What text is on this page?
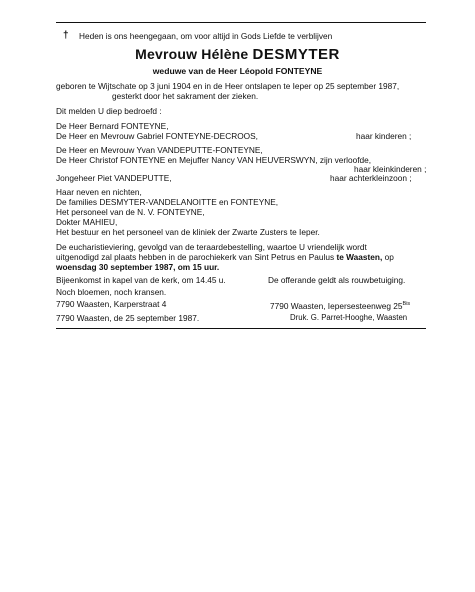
† Heden is ons heengegaan, om voor altijd in Gods Liefde te verblijven
Mevrouw Hélène DESMYTER
weduwe van de Heer Léopold FONTEYNE
geboren te Wijtschate op 3 juni 1904 en in de Heer ontslapen te Ieper op 25 september 1987,
gesterkt door het sakrament der zieken.
Dit melden U diep bedroefd :
De Heer Bernard FONTEYNE,
De Heer en Mevrouw Gabriel FONTEYNE-DECROOS,	haar kinderen ;
De Heer en Mevrouw Yvan VANDEPUTTE-FONTEYNE,
De Heer Christof FONTEYNE en Mejuffer Nancy VAN HEUVERSWYN, zijn verloofde,
haar kleinkinderen ;
Jongeheer Piet VANDEPUTTE,	haar achterkleinzoon ;
Haar neven en nichten,
De families DESMYTER-VANDELANOITTE en FONTEYNE,
Het personeel van de N. V. FONTEYNE,
Dokter MAHIEU,
Het bestuur en het personeel van de kliniek der Zwarte Zusters te Ieper.
De eucharistieviering, gevolgd van de teraardebestelling, waartoe U vriendelijk wordt
uitgenodigd zal plaats hebben in de parochiekerk van Sint Petrus en Paulus te Waasten, op
woensdag 30 september 1987, om 15 uur.
Bijeenkomst in kapel van de kerk, om 14.45 u.	De offerande geldt als rouwbetuiging.
Noch bloemen, noch kransen.
7790 Waasten, Karperstraat 4	7790 Waasten, Iepersesteenweg $25^{Bis}$
7790 Waasten, de 25 september 1987.	Druk. G. Parret-Hooghe, Waasten
